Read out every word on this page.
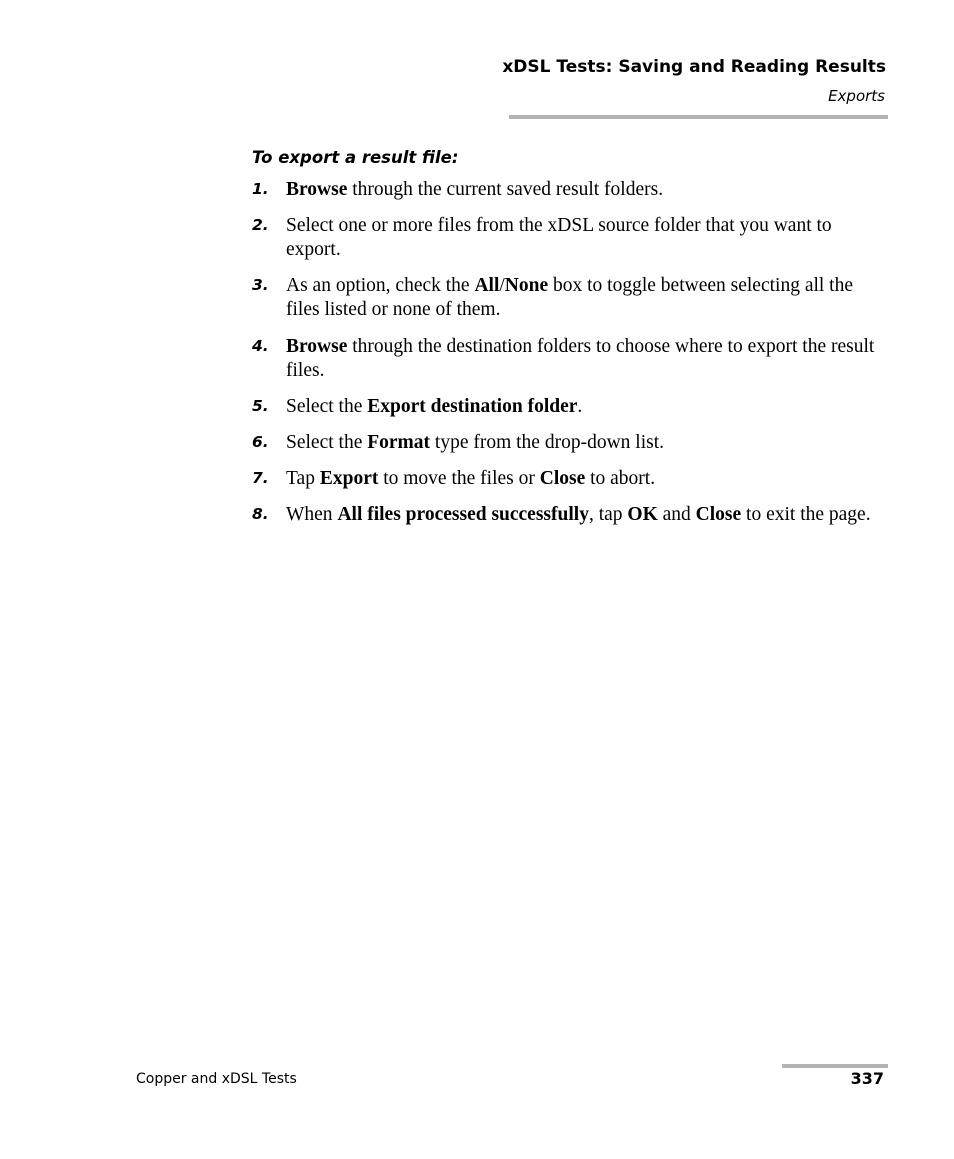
xDSL Tests: Saving and Reading Results
Exports
To export a result file:
1. Browse through the current saved result folders.
2. Select one or more files from the xDSL source folder that you want to export.
3. As an option, check the All/None box to toggle between selecting all the files listed or none of them.
4. Browse through the destination folders to choose where to export the result files.
5. Select the Export destination folder.
6. Select the Format type from the drop-down list.
7. Tap Export to move the files or Close to abort.
8. When All files processed successfully, tap OK and Close to exit the page.
Copper and xDSL Tests	337
